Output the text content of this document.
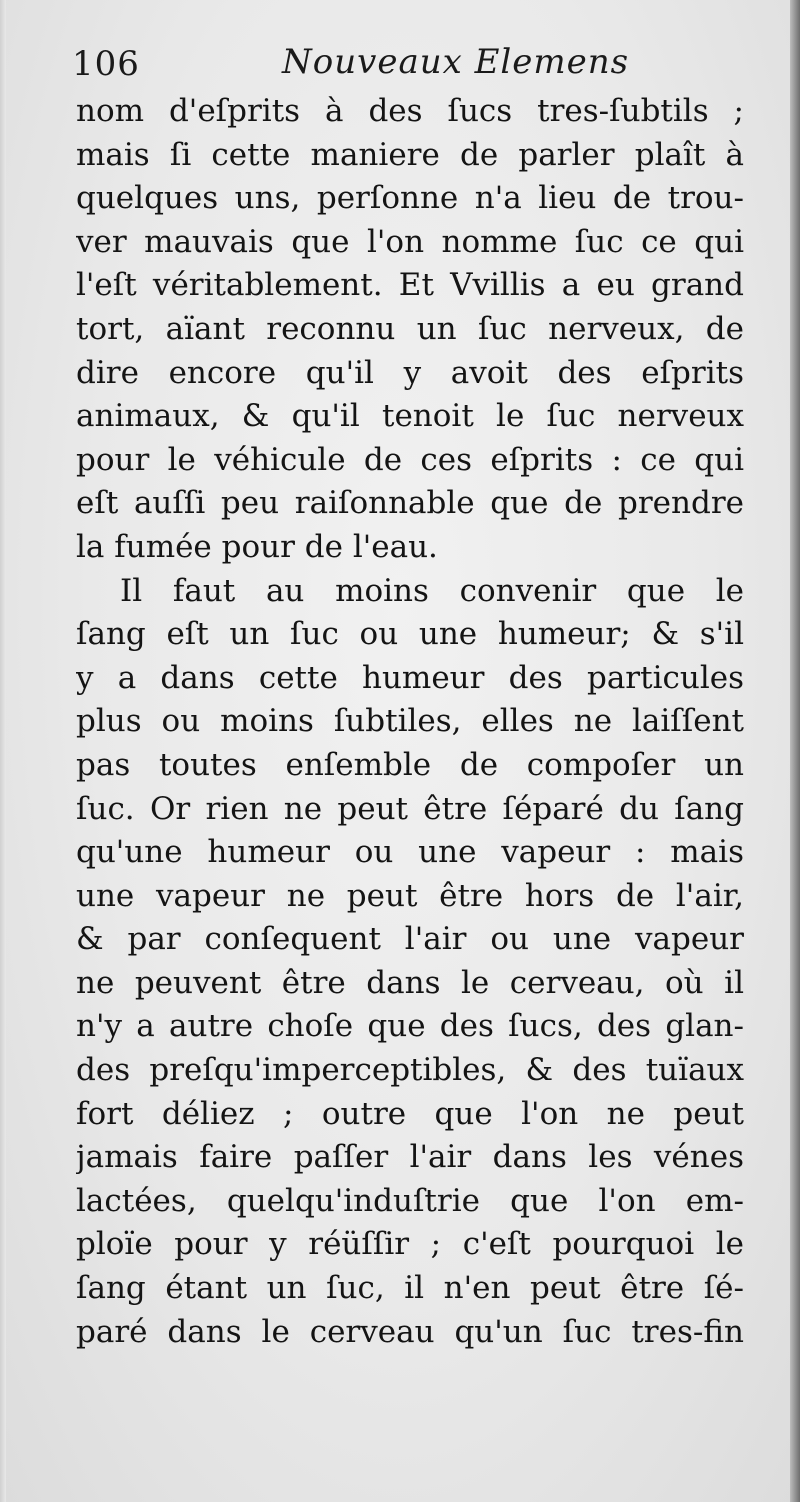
106	Nouveaux Elemens
nom d'eſprits à des ſucs tres-ſubtils ;
mais ſi cette maniere de parler plaît à
quelques uns, perſonne n'a lieu de trou-
ver mauvais que l'on nomme ſuc ce qui
l'eſt véritablement. Et Vvillis a eu grand
tort, aïant reconnu un ſuc nerveux, de
dire encore qu'il y avoit des eſprits
animaux, & qu'il tenoit le ſuc nerveux
pour le véhicule de ces eſprits : ce qui
eſt auſſi peu raiſonnable que de prendre
la fumée pour de l'eau.
Il faut au moins convenir que le
ſang eſt un ſuc ou une humeur; & s'il
y a dans cette humeur des particules
plus ou moins ſubtiles, elles ne laiſſent
pas toutes enſemble de compoſer un
ſuc. Or rien ne peut être ſéparé du ſang
qu'une humeur ou une vapeur : mais
une vapeur ne peut être hors de l'air,
& par conſequent l'air ou une vapeur
ne peuvent être dans le cerveau, où il
n'y a autre choſe que des ſucs, des glan-
des preſqu'imperceptibles, & des tuïaux
fort déliez ; outre que l'on ne peut
jamais faire paſſer l'air dans les vénes
lactées, quelqu'induſtrie que l'on em-
ploïe pour y réüſſir ; c'eſt pourquoi le
ſang étant un ſuc, il n'en peut être ſé-
paré dans le cerveau qu'un ſuc tres-fin
